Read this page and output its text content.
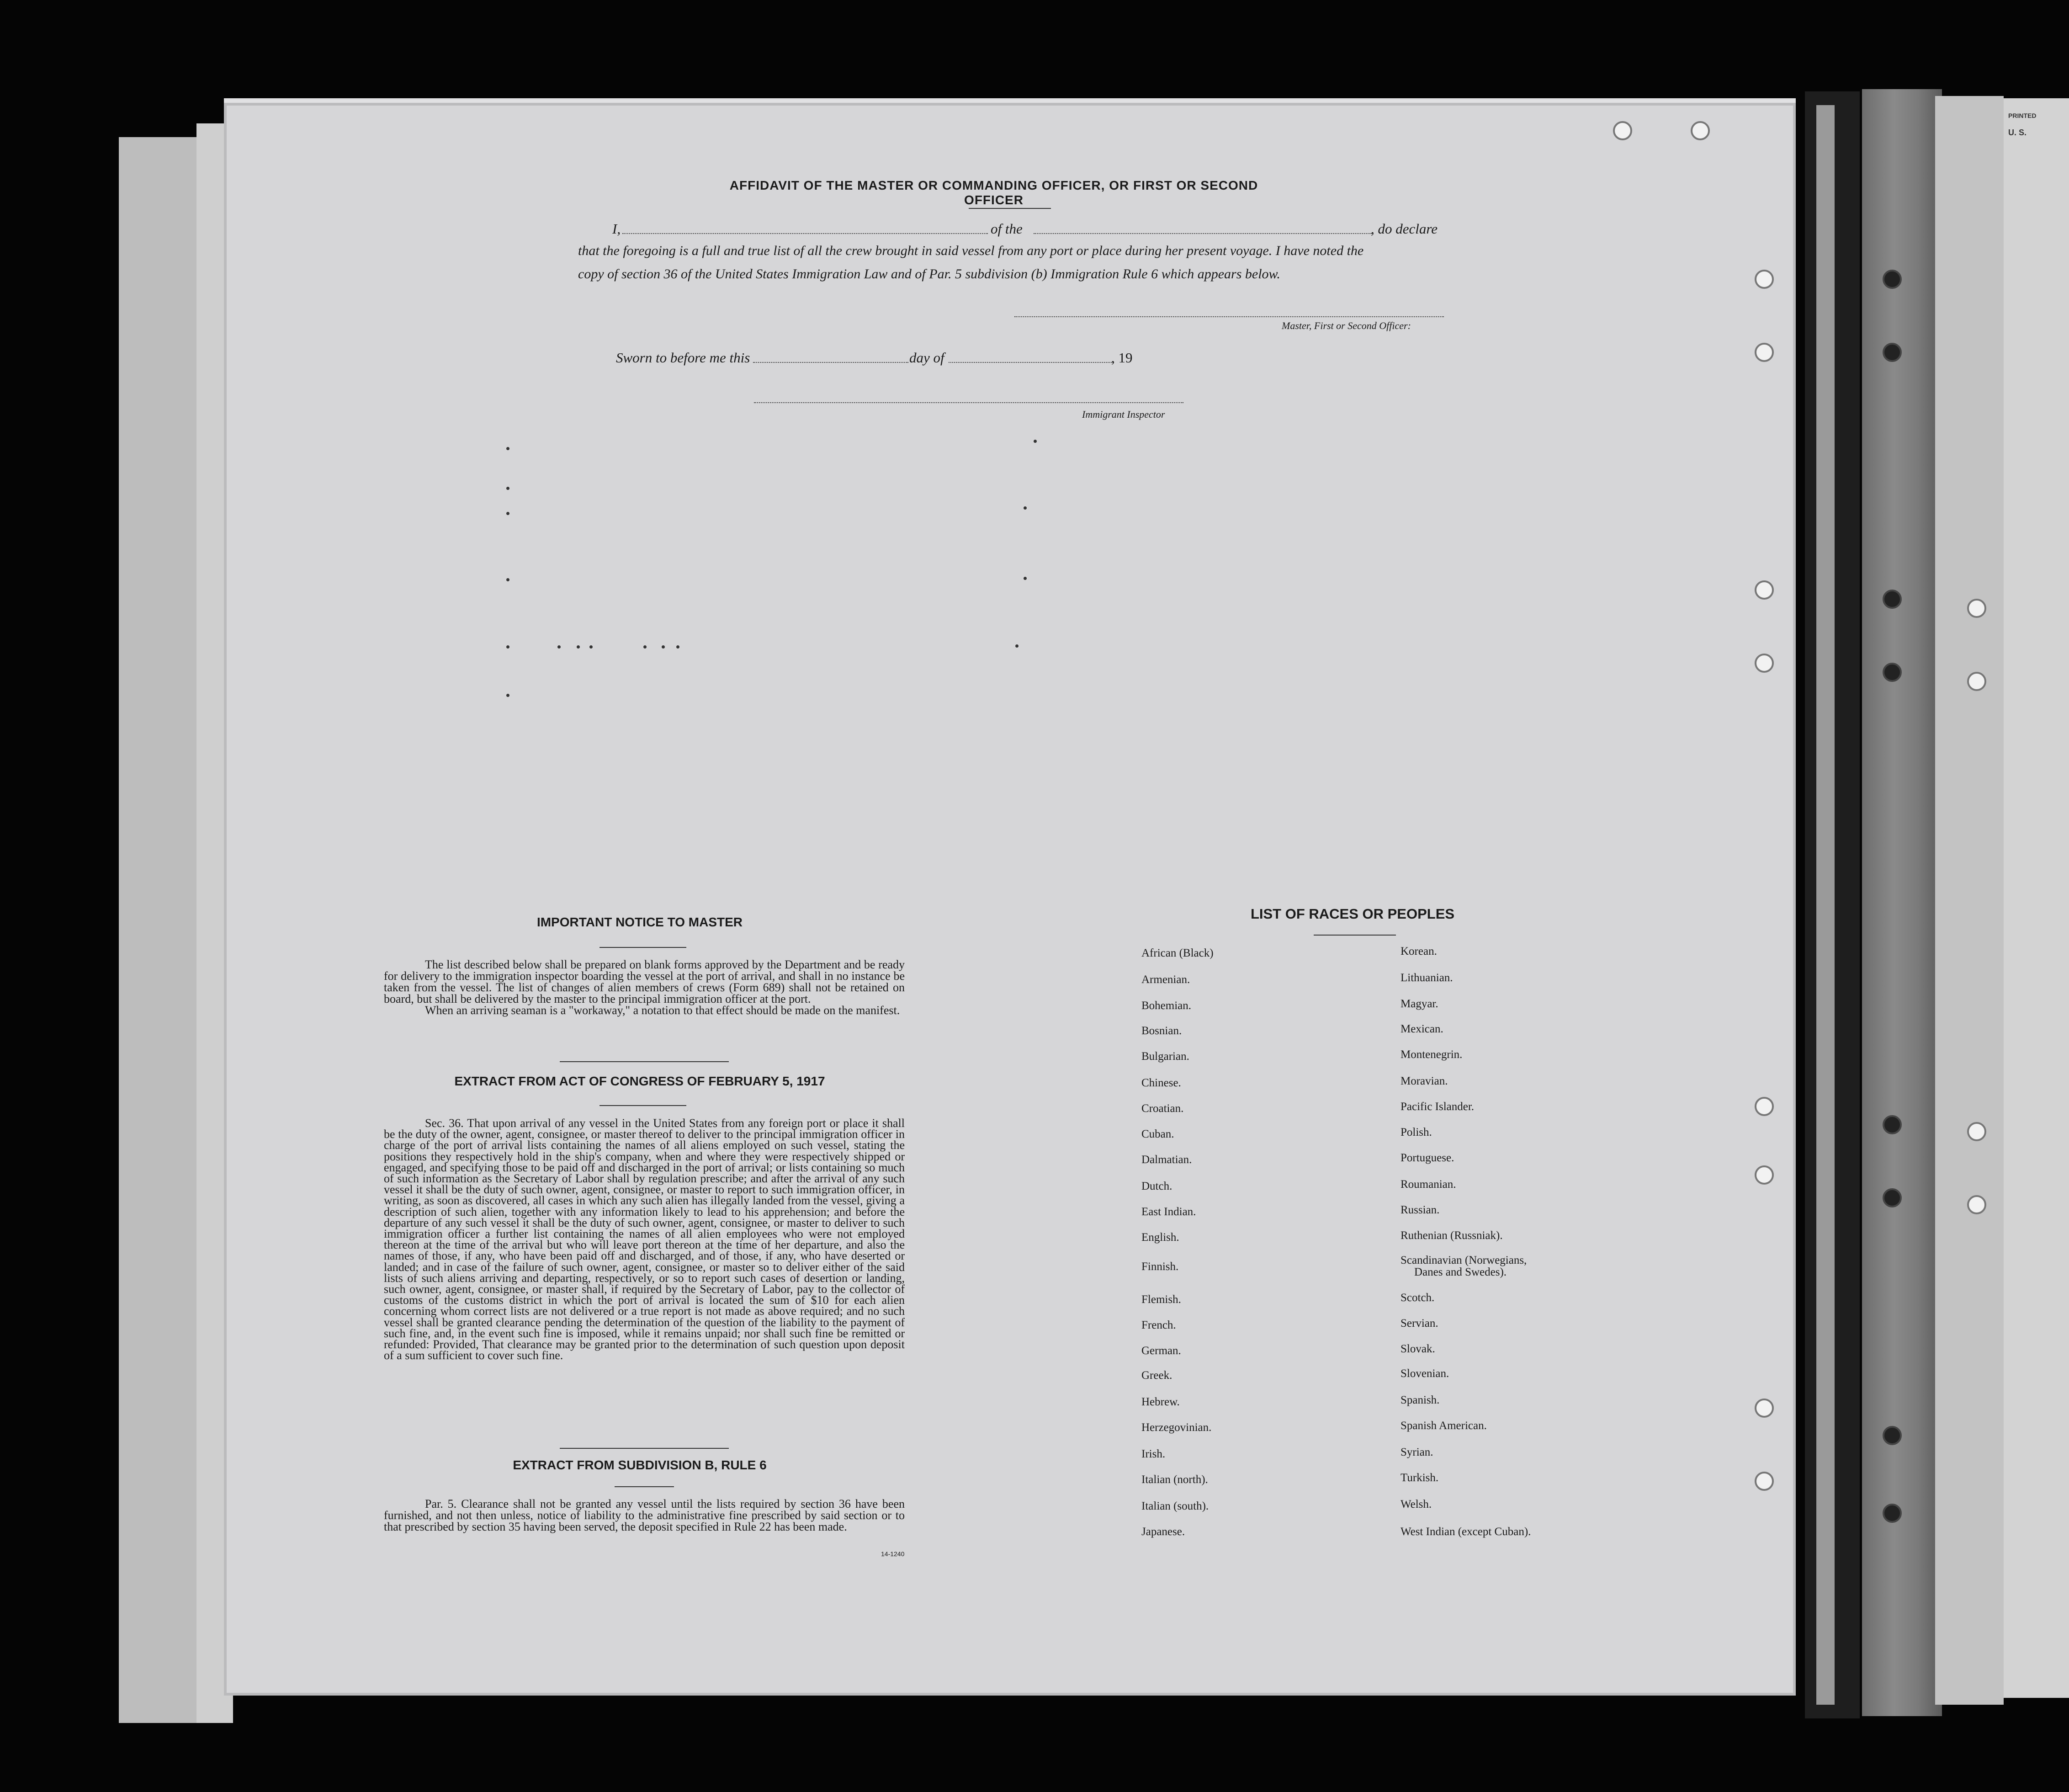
PRINTED
U. S.
AFFIDAVIT OF THE MASTER OR COMMANDING OFFICER, OR FIRST OR SECOND OFFICER
I,	of the	, do declare
that the foregoing is a full and true list of all the crew brought in said vessel from any port or place during her present voyage. I have noted the
copy of section 36 of the United States Immigration Law and of Par. 5 subdivision (b) Immigration Rule 6 which appears below.
Master, First or Second Officer:
Sworn to before me this	day of	, 19
Immigrant Inspector
IMPORTANT NOTICE TO MASTER

The list described below shall be prepared on blank forms approved by the Department and be ready for delivery to the immigration inspector boarding the vessel at the port of arrival, and shall in no instance be taken from the vessel. The list of changes of alien members of crews (Form 689) shall not be retained on board, but shall be delivered by the master to the principal immigration officer at the port.

When an arriving seaman is a "workaway," a notation to that effect should be made on the manifest.

EXTRACT FROM ACT OF CONGRESS OF FEBRUARY 5, 1917

Sec. 36. That upon arrival of any vessel in the United States from any foreign port or place it shall be the duty of the owner, agent, consignee, or master thereof to deliver to the principal immigration officer in charge of the port of arrival lists containing the names of all aliens employed on such vessel, stating the positions they respectively hold in the ship's company, when and where they were respectively shipped or engaged, and specifying those to be paid off and discharged in the port of arrival; or lists containing so much of such information as the Secretary of Labor shall by regulation prescribe; and after the arrival of any such vessel it shall be the duty of such owner, agent, consignee, or master to report to such immigration officer, in writing, as soon as discovered, all cases in which any such alien has illegally landed from the vessel, giving a description of such alien, together with any information likely to lead to his apprehension; and before the departure of any such vessel it shall be the duty of such owner, agent, consignee, or master to deliver to such immigration officer a further list containing the names of all alien employees who were not employed thereon at the time of the arrival but who will leave port thereon at the time of her departure, and also the names of those, if any, who have been paid off and discharged, and of those, if any, who have deserted or landed; and in case of the failure of such owner, agent, consignee, or master so to deliver either of the said lists of such aliens arriving and departing, respectively, or so to report such cases of desertion or landing, such owner, agent, consignee, or master shall, if required by the Secretary of Labor, pay to the collector of customs of the customs district in which the port of arrival is located the sum of $10 for each alien concerning whom correct lists are not delivered or a true report is not made as above required; and no such vessel shall be granted clearance pending the determination of the question of the liability to the payment of such fine, and, in the event such fine is imposed, while it remains unpaid; nor shall such fine be remitted or refunded: Provided, That clearance may be granted prior to the determination of such question upon deposit of a sum sufficient to cover such fine.

EXTRACT FROM SUBDIVISION B, RULE 6

Par. 5. Clearance shall not be granted any vessel until the lists required by section 36 have been furnished, and not then unless, notice of liability to the administrative fine prescribed by said section or to that prescribed by section 35 having been served, the deposit specified in Rule 22 has been made.

14-1240
LIST OF RACES OR PEOPLES
African (Black)
Armenian.
Bohemian.
Bosnian.
Bulgarian.
Chinese.
Croatian.
Cuban.
Dalmatian.
Dutch.
East Indian.
English.
Finnish.
Flemish.
French.
German.
Greek.
Hebrew.
Herzegovinian.
Irish.
Italian (north).
Italian (south).
Japanese.
Korean.
Lithuanian.
Magyar.
Mexican.
Montenegrin.
Moravian.
Pacific Islander.
Polish.
Portuguese.
Roumanian.
Russian.
Ruthenian (Russniak).
Scandinavian (Norwegians,
Danes and Swedes).
Scotch.
Servian.
Slovak.
Slovenian.
Spanish.
Spanish American.
Syrian.
Turkish.
Welsh.
West Indian (except Cuban).
